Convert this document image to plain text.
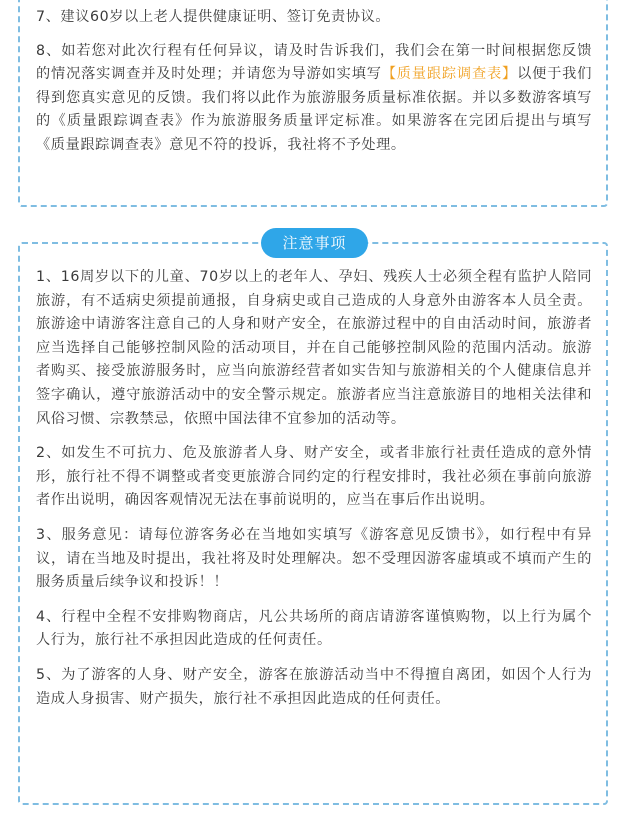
7、建议60岁以上老人提供健康证明、签订免责协议。

8、如若您对此次行程有任何异议，请及时告诉我们，我们会在第一时间根据您反馈的情况落实调查并及时处理；并请您为导游如实填写【质量跟踪调查表】以便于我们得到您真实意见的反馈。我们将以此作为旅游服务质量标准依据。并以多数游客填写的《质量跟踪调查表》作为旅游服务质量评定标准。如果游客在完团后提出与填写《质量跟踪调查表》意见不符的投诉，我社将不予处理。

注意事项

1、16周岁以下的儿童、70岁以上的老年人、孕妇、残疾人士必须全程有监护人陪同旅游，有不适病史须提前通报，自身病史或自己造成的人身意外由游客本人员全责。旅游途中请游客注意自己的人身和财产安全，在旅游过程中的自由活动时间，旅游者应当选择自己能够控制风险的活动项目，并在自己能够控制风险的范围内活动。旅游者购买、接受旅游服务时，应当向旅游经营者如实告知与旅游相关的个人健康信息并签字确认，遵守旅游活动中的安全警示规定。旅游者应当注意旅游目的地相关法律和风俗习惯、宗教禁忌，依照中国法律不宜参加的活动等。

2、如发生不可抗力、危及旅游者人身、财产安全，或者非旅行社责任造成的意外情形，旅行社不得不调整或者变更旅游合同约定的行程安排时，我社必须在事前向旅游者作出说明，确因客观情况无法在事前说明的，应当在事后作出说明。

3、服务意见：请每位游客务必在当地如实填写《游客意见反馈书》，如行程中有异议，请在当地及时提出，我社将及时处理解决。恕不受理因游客虚填或不填而产生的服务质量后续争议和投诉！！

4、行程中全程不安排购物商店，凡公共场所的商店请游客谨慎购物，以上行为属个人行为，旅行社不承担因此造成的任何责任。

5、为了游客的人身、财产安全，游客在旅游活动当中不得擅自离团，如因个人行为造成人身损害、财产损失，旅行社不承担因此造成的任何责任。
